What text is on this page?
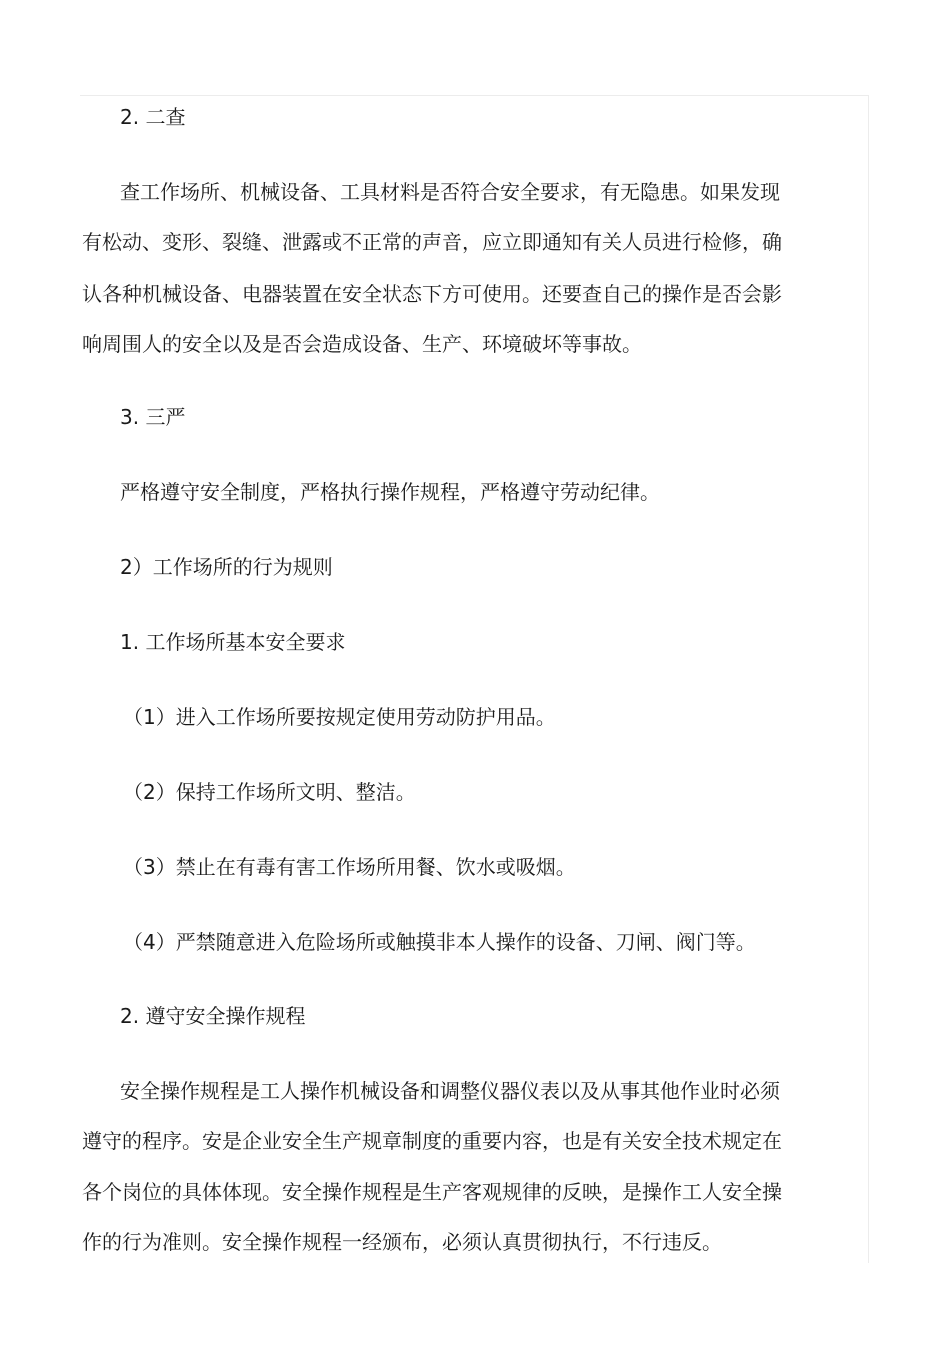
2. 二查
查工作场所、机械设备、工具材料是否符合安全要求，有无隐患。如果发现
有松动、变形、裂缝、泄露或不正常的声音，应立即通知有关人员进行检修，确
认各种机械设备、电器装置在安全状态下方可使用。还要查自己的操作是否会影
响周围人的安全以及是否会造成设备、生产、环境破坏等事故。
3. 三严
严格遵守安全制度，严格执行操作规程，严格遵守劳动纪律。
2）工作场所的行为规则
1. 工作场所基本安全要求
（1）进入工作场所要按规定使用劳动防护用品。
（2）保持工作场所文明、整洁。
（3）禁止在有毒有害工作场所用餐、饮水或吸烟。
（4）严禁随意进入危险场所或触摸非本人操作的设备、刀闸、阀门等。
2. 遵守安全操作规程
安全操作规程是工人操作机械设备和调整仪器仪表以及从事其他作业时必须
遵守的程序。安是企业安全生产规章制度的重要内容，也是有关安全技术规定在
各个岗位的具体体现。安全操作规程是生产客观规律的反映，是操作工人安全操
作的行为准则。安全操作规程一经颁布，必须认真贯彻执行，不行违反。
